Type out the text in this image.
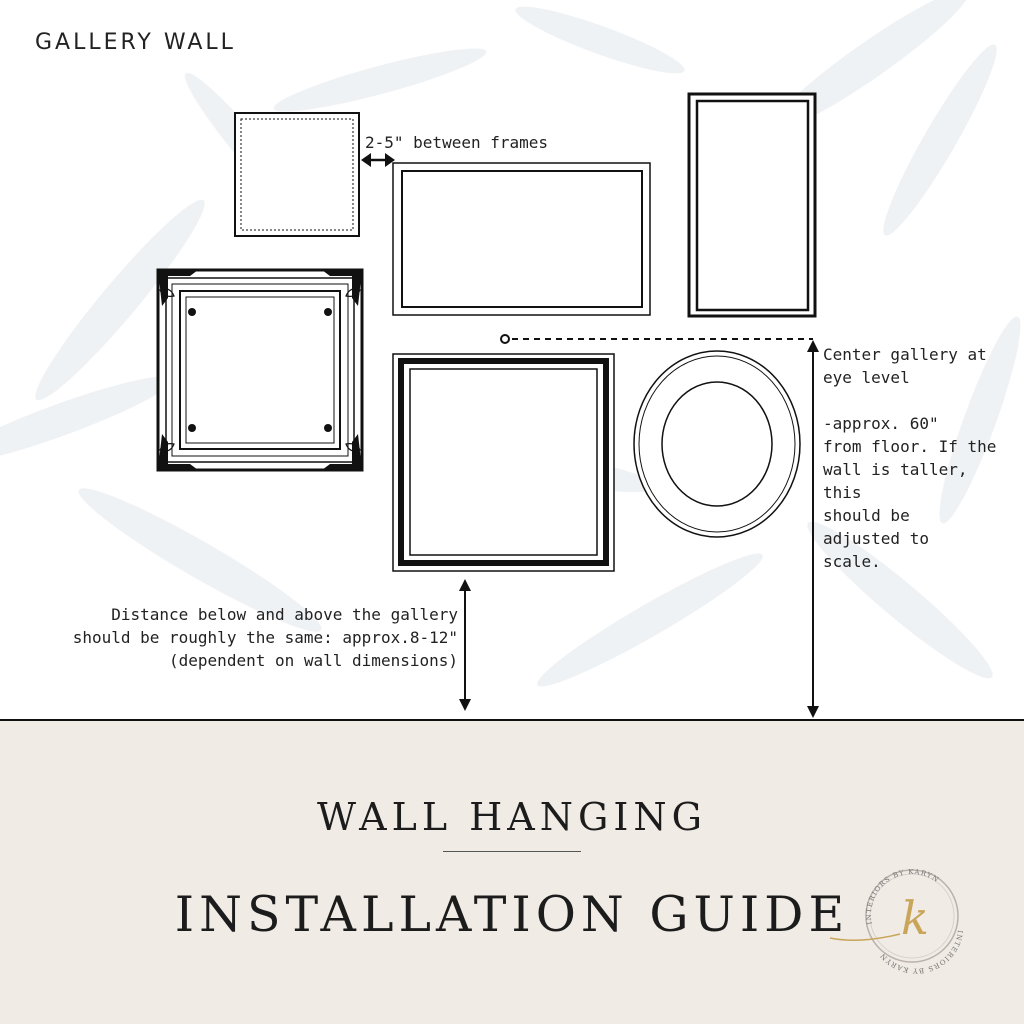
GALLERY WALL
2-5" between frames
Center gallery at
eye level
-approx. 60"
from floor. If the
wall is taller, this
should be
adjusted to
scale.
Distance below and above the gallery
should be roughly the same: approx.8-12"
(dependent on wall dimensions)
WALL HANGING
INSTALLATION GUIDE	INTERIORS BY KARYN
INTERIORS BY KARYN
k
